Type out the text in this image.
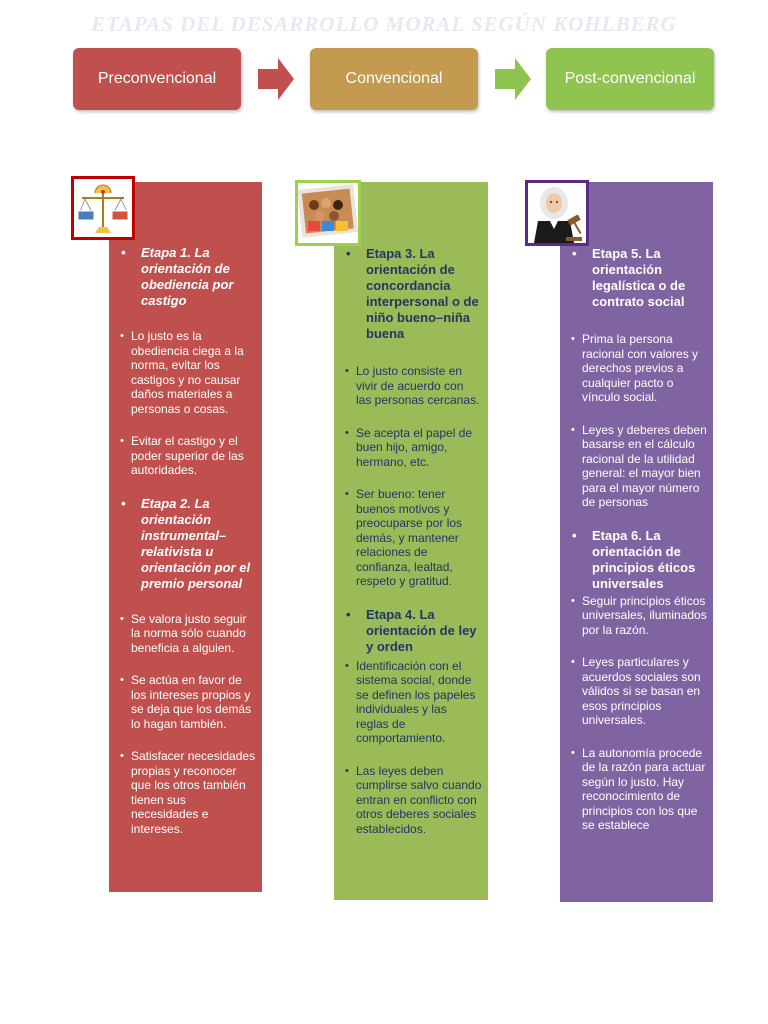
ETAPAS DEL DESARROLLO MORAL SEGÚN KOHLBERG
Preconvencional	Convencional	Post-convencional
• Etapa 1. La orientación de obediencia por castigo
• Lo justo es la obediencia ciega a la norma, evitar los castigos y no causar daños materiales a personas o cosas.
• Evitar el castigo y el poder superior de las autoridades.
• Etapa 2. La orientación instrumental–relativista u orientación por el premio personal
• Se valora justo seguir la norma sólo cuando beneficia a alguien.
• Se actúa en favor de los intereses propios y se deja que los demás lo hagan también.
• Satisfacer necesidades propias y reconocer que los otros también tienen sus necesidades e intereses.
• Etapa 3. La orientación de concordancia interpersonal o de niño bueno–niña buena
• Lo justo consiste en vivir de acuerdo con las personas cercanas.
• Se acepta el papel de buen hijo, amigo, hermano, etc.
• Ser bueno: tener buenos motivos y preocuparse por los demás, y mantener relaciones de confianza, lealtad, respeto y gratitud.
• Etapa 4. La orientación de ley y orden
• Identificación con el sistema social, donde se definen los papeles individuales y las reglas de comportamiento.
• Las leyes deben cumplirse salvo cuando entran en conflicto con otros deberes sociales establecidos.
• Etapa 5. La orientación legalística o de contrato social
• Prima la persona racional con valores y derechos previos a cualquier pacto o vínculo social.
• Leyes y deberes deben basarse en el cálculo racional de la utilidad general: el mayor bien para el mayor número de personas
• Etapa 6. La orientación de principios éticos universales
• Seguir principios éticos universales, iluminados por la razón.
• Leyes particulares y acuerdos sociales son válidos si se basan en esos principios universales.
• La autonomía procede de la razón para actuar según lo justo. Hay reconocimiento de principios con los que se establece
